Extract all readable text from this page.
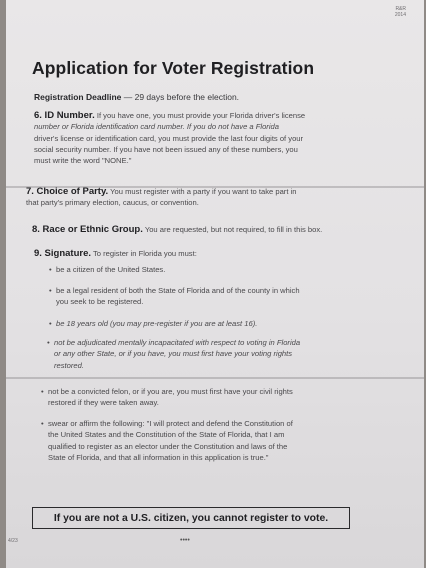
R&R
2014
Application for Voter Registration
Registration Deadline — 29 days before the election.
6. ID Number. If you have one, you must provide your Florida driver's license
number or Florida identification card number. If you do not have a Florida
driver's license or identification card, you must provide the last four digits of your
social security number. If you have not been issued any of these numbers, you
must write the word "NONE."
7. Choice of Party. You must register with a party if you want to take part in
that party's primary election, caucus, or convention.
8. Race or Ethnic Group. You are requested, but not required, to fill in this box.
9. Signature. To register in Florida you must:
• be a citizen of the United States.
• be a legal resident of both the State of Florida and of the county in which
you seek to be registered.
• be 18 years old (you may pre-register if you are at least 16).
• not be adjudicated mentally incapacitated with respect to voting in Florida
or any other State, or if you have, you must first have your voting rights
restored.
• not be a convicted felon, or if you are, you must first have your civil rights
restored if they were taken away.
• swear or affirm the following: "I will protect and defend the Constitution of
the United States and the Constitution of the State of Florida, that I am
qualified to register as an elector under the Constitution and laws of the
State of Florida, and that all information in this application is true."
If you are not a U.S. citizen, you cannot register to vote.
4/23	••••
